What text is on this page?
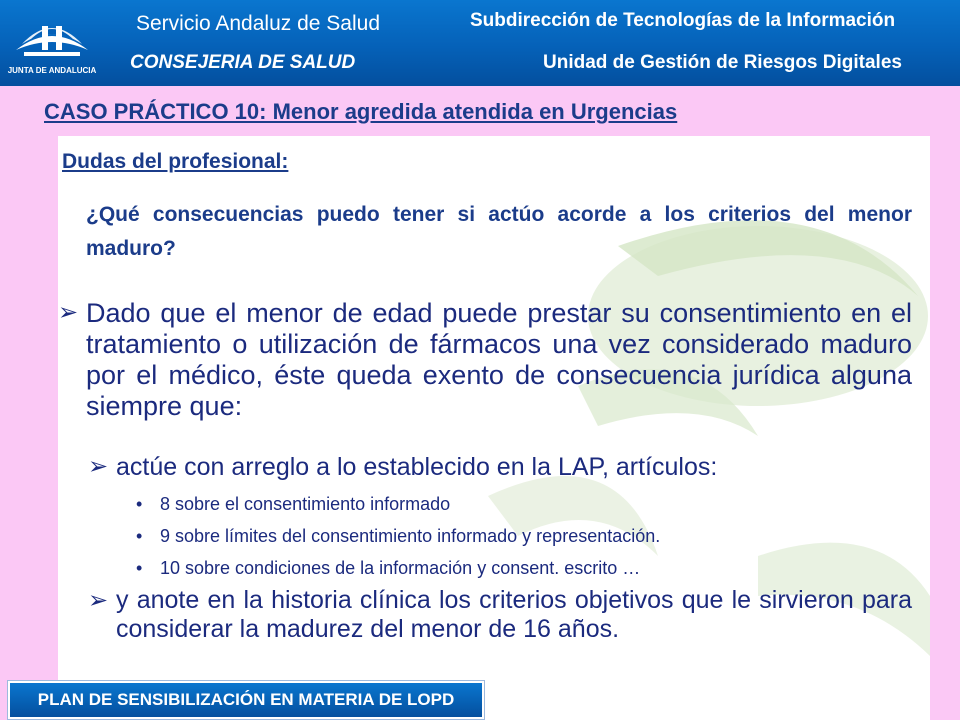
JUNTA DE ANDALUCIA
Servicio Andaluz de Salud
CONSEJERIA DE SALUD
Subdirección de Tecnologías de la Información
Unidad de Gestión de Riesgos Digitales
CASO PRÁCTICO 10: Menor agredida atendida en Urgencias
Dudas del profesional:
¿Qué consecuencias puedo tener si actúo acorde a los criterios del menor maduro?
➢ Dado que el menor de edad puede prestar su consentimiento en el tratamiento o utilización de fármacos una vez considerado maduro por el médico, éste queda exento de consecuencia jurídica alguna siempre que:
➢ actúe con arreglo a lo establecido en la LAP, artículos:
• 8 sobre el consentimiento informado
• 9 sobre límites del consentimiento informado y representación.
• 10 sobre condiciones de la información y consent. escrito …
➢ y anote en la historia clínica los criterios objetivos que le sirvieron para considerar la madurez del menor de 16 años.
PLAN DE SENSIBILIZACIÓN EN MATERIA DE LOPD
